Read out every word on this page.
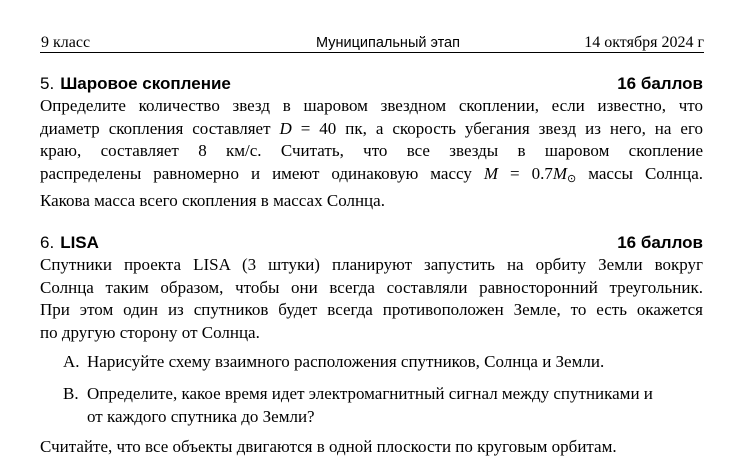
9 класс	Муниципальный этап	14 октября 2024 г
5. Шаровое скопление	16 баллов
Определите количество звезд в шаровом звездном скоплении, если известно, что
диаметр скопления составляет D = 40 пк, а скорость убегания звезд из него, на его
краю, составляет 8 км/с. Считать, что все звезды в шаровом скопление
распределены равномерно и имеют одинаковую массу M = 0.7M⊙ массы Солнца.
Какова масса всего скопления в массах Солнца.
6. LISA	16 баллов
Спутники проекта LISA (3 штуки) планируют запустить на орбиту Земли вокруг
Солнца таким образом, чтобы они всегда составляли равносторонний треугольник.
При этом один из спутников будет всегда противоположен Земле, то есть окажется
по другую сторону от Солнца.
A. Нарисуйте схему взаимного расположения спутников, Солнца и Земли.
B. Определите, какое время идет электромагнитный сигнал между спутниками и
от каждого спутника до Земли?
Считайте, что все объекты двигаются в одной плоскости по круговым орбитам.
